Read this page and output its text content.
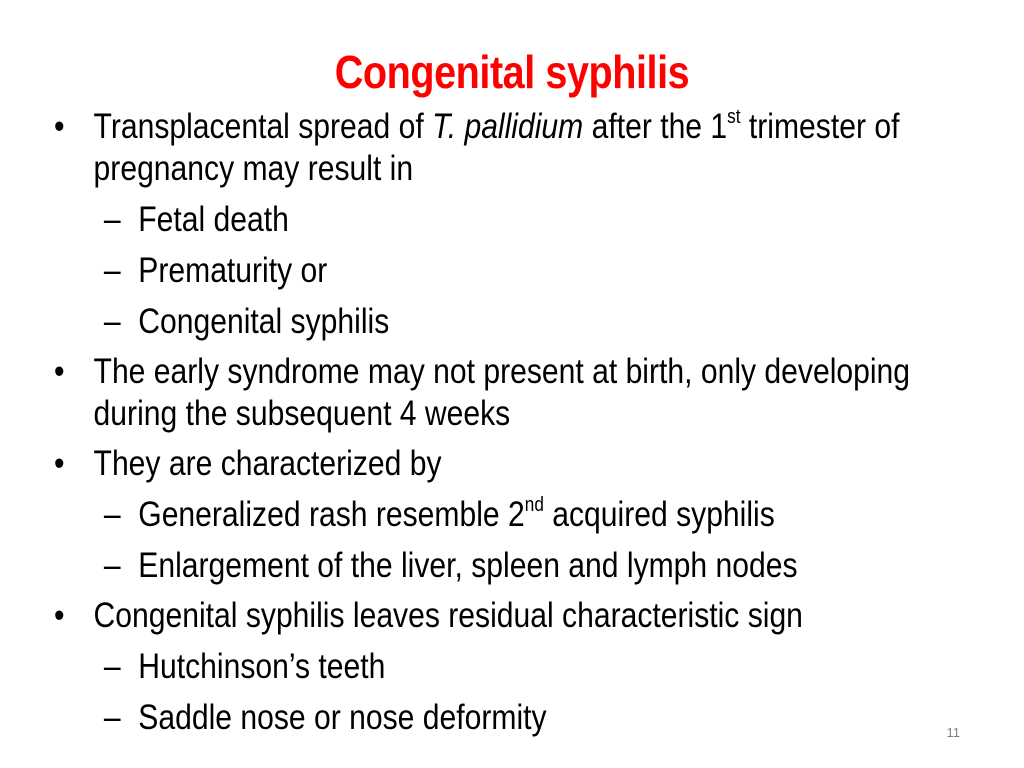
Congenital syphilis
• Transplacental spread of T. pallidium after the 1st trimester of
pregnancy may result in
– Fetal death
– Prematurity or
– Congenital syphilis
• The early syndrome may not present at birth, only developing
during the subsequent 4 weeks
• They are characterized by
– Generalized rash resemble 2nd acquired syphilis
– Enlargement of the liver, spleen and lymph nodes
• Congenital syphilis leaves residual characteristic sign
– Hutchinson’s teeth
– Saddle nose or nose deformity	11
